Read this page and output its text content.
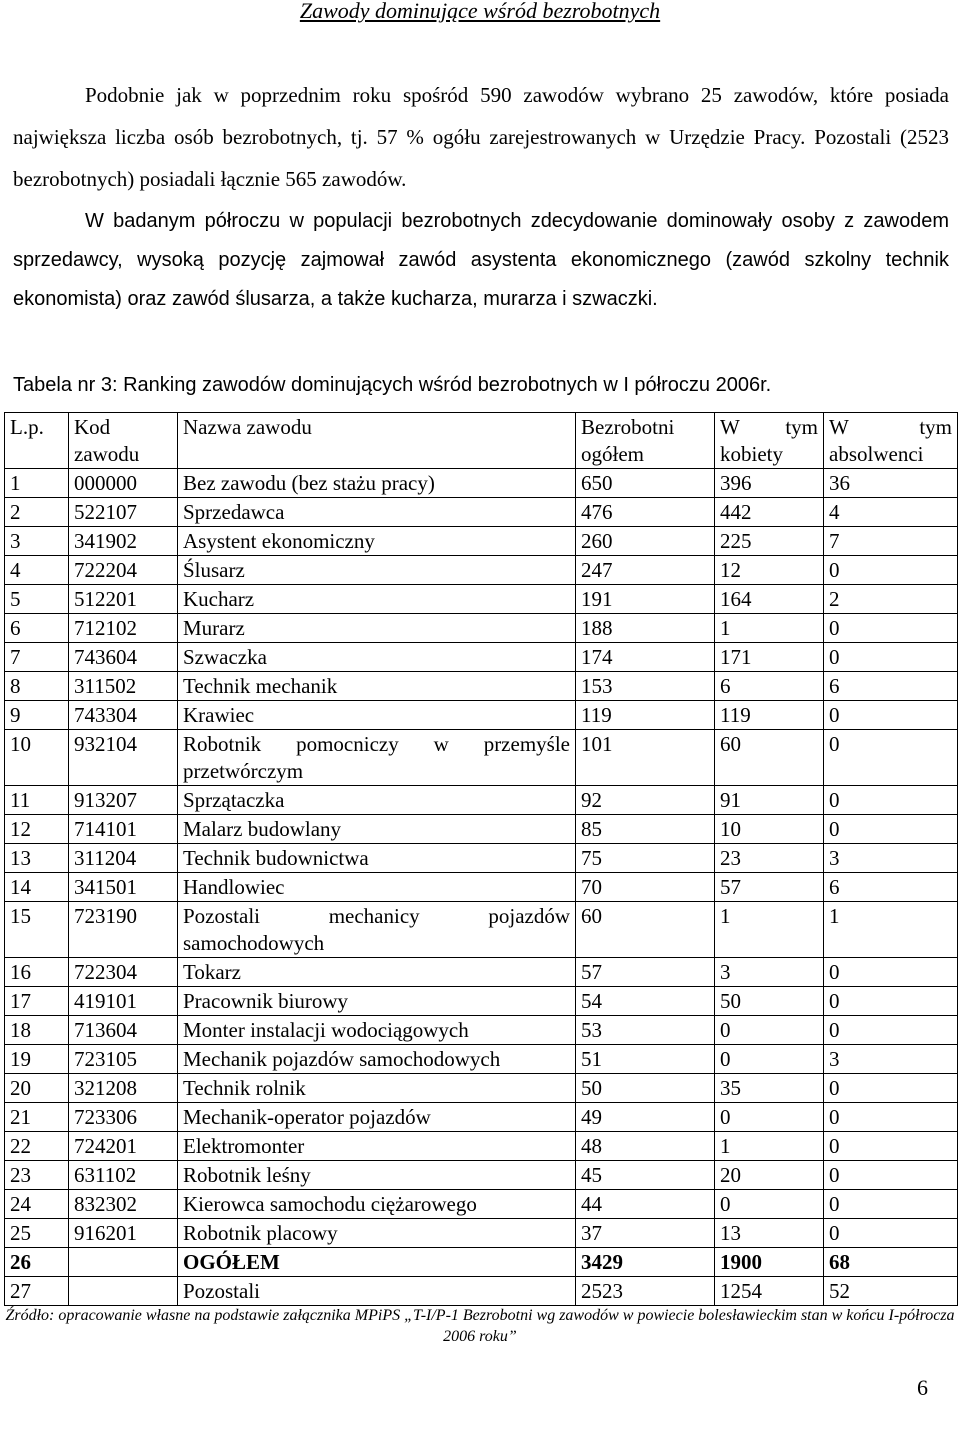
Zawody dominujące wśród bezrobotnych

Podobnie jak w poprzednim roku spośród 590 zawodów wybrano 25 zawodów, które posiada największa liczba osób bezrobotnych, tj. 57 % ogółu zarejestrowanych w Urzędzie Pracy. Pozostali (2523 bezrobotnych) posiadali łącznie 565 zawodów.

W badanym półroczu w populacji bezrobotnych zdecydowanie dominowały osoby z zawodem sprzedawcy, wysoką pozycję zajmował zawód asystenta ekonomicznego (zawód szkolny technik ekonomista) oraz zawód ślusarza, a także kucharza, murarza i szwaczki.

Tabela nr 3: Ranking zawodów dominujących wśród bezrobotnych w I półroczu 2006r.
L.p.	Kod zawodu	Nazwa zawodu	Bezrobotni ogółem	W tym kobiety	W tym absolwenci
1	000000	Bez zawodu (bez stażu pracy)	650	396	36
2	522107	Sprzedawca	476	442	4
3	341902	Asystent ekonomiczny	260	225	7
4	722204	Ślusarz	247	12	0
5	512201	Kucharz	191	164	2
6	712102	Murarz	188	1	0
7	743604	Szwaczka	174	171	0
8	311502	Technik mechanik	153	6	6
9	743304	Krawiec	119	119	0
10	932104	Robotnik pomocniczy w przemyśle przetwórczym	101	60	0
11	913207	Sprzątaczka	92	91	0
12	714101	Malarz budowlany	85	10	0
13	311204	Technik budownictwa	75	23	3
14	341501	Handlowiec	70	57	6
15	723190	Pozostali mechanicy pojazdów samochodowych	60	1	1
16	722304	Tokarz	57	3	0
17	419101	Pracownik biurowy	54	50	0
18	713604	Monter instalacji wodociągowych	53	0	0
19	723105	Mechanik pojazdów samochodowych	51	0	3
20	321208	Technik rolnik	50	35	0
21	723306	Mechanik-operator pojazdów	49	0	0
22	724201	Elektromonter	48	1	0
23	631102	Robotnik leśny	45	20	0
24	832302	Kierowca samochodu ciężarowego	44	0	0
25	916201	Robotnik placowy	37	13	0
26		OGÓŁEM	3429	1900	68
27		Pozostali	2523	1254	52
Źródło: opracowanie własne na podstawie załącznika MPiPS „T-I/P-1 Bezrobotni wg zawodów w powiecie bolesławieckim stan w końcu I-półrocza 2006 roku”
6
